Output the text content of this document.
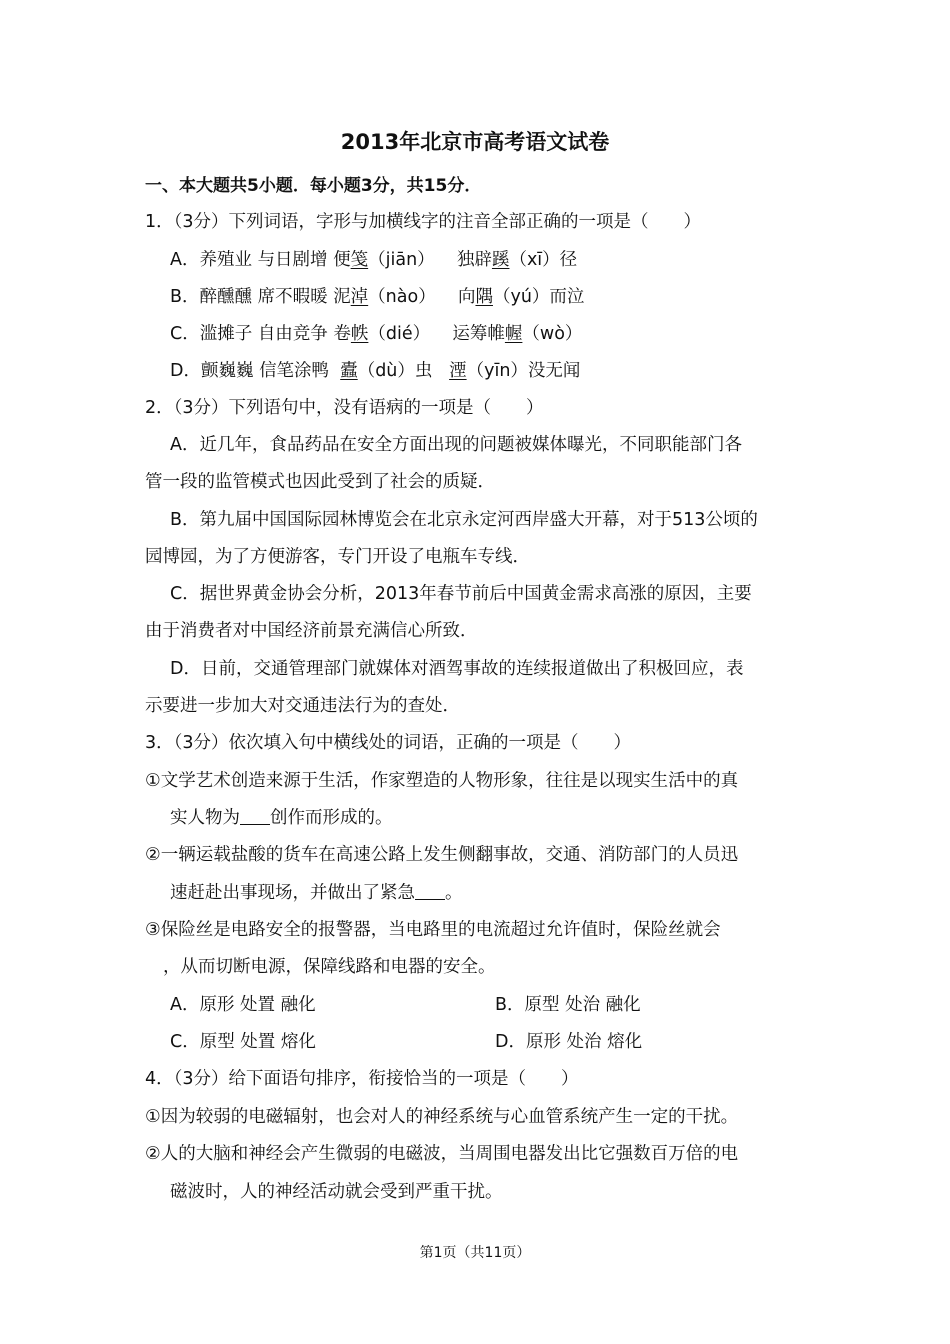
2013年北京市高考语文试卷
一、本大题共5小题．每小题3分，共15分．
1．（3分）下列词语，字形与加横线字的注音全部正确的一项是（　　）
A．养殖业 与日剧增 便笺（jiān） 独辟蹊（xī）径
B．醉醺醺 席不暇暖 泥淖（nào） 向隅（yú）而泣
C．滥摊子 自由竞争 卷帙（dié） 运筹帷幄（wò）
D．颤巍巍 信笔涂鸭 蠹（dù）虫 湮（yīn）没无闻
2．（3分）下列语句中，没有语病的一项是（　　）
A．近几年，食品药品在安全方面出现的问题被媒体曝光，不同职能部门各
管一段的监管模式也因此受到了社会的质疑．
B．第九届中国国际园林博览会在北京永定河西岸盛大开幕，对于513公顷的
园博园，为了方便游客，专门开设了电瓶车专线．
C．据世界黄金协会分析，2013年春节前后中国黄金需求高涨的原因，主要
由于消费者对中国经济前景充满信心所致．
D．日前，交通管理部门就媒体对酒驾事故的连续报道做出了积极回应，表
示要进一步加大对交通违法行为的查处．
3．（3分）依次填入句中横线处的词语，正确的一项是（　　）
①文学艺术创造来源于生活，作家塑造的人物形象，往往是以现实生活中的真
实人物为 创作而形成的。
②一辆运载盐酸的货车在高速公路上发生侧翻事故，交通、消防部门的人员迅
速赶赴出事现场，并做出了紧急 。
③保险丝是电路安全的报警器，当电路里的电流超过允许值时，保险丝就会
，从而切断电源，保障线路和电器的安全。
A．原形 处置 融化	B．原型 处治 融化
C．原型 处置 熔化	D．原形 处治 熔化
4．（3分）给下面语句排序，衔接恰当的一项是（　　）
①因为较弱的电磁辐射，也会对人的神经系统与心血管系统产生一定的干扰。
②人的大脑和神经会产生微弱的电磁波，当周围电器发出比它强数百万倍的电
磁波时，人的神经活动就会受到严重干扰。
第1页（共11页）
